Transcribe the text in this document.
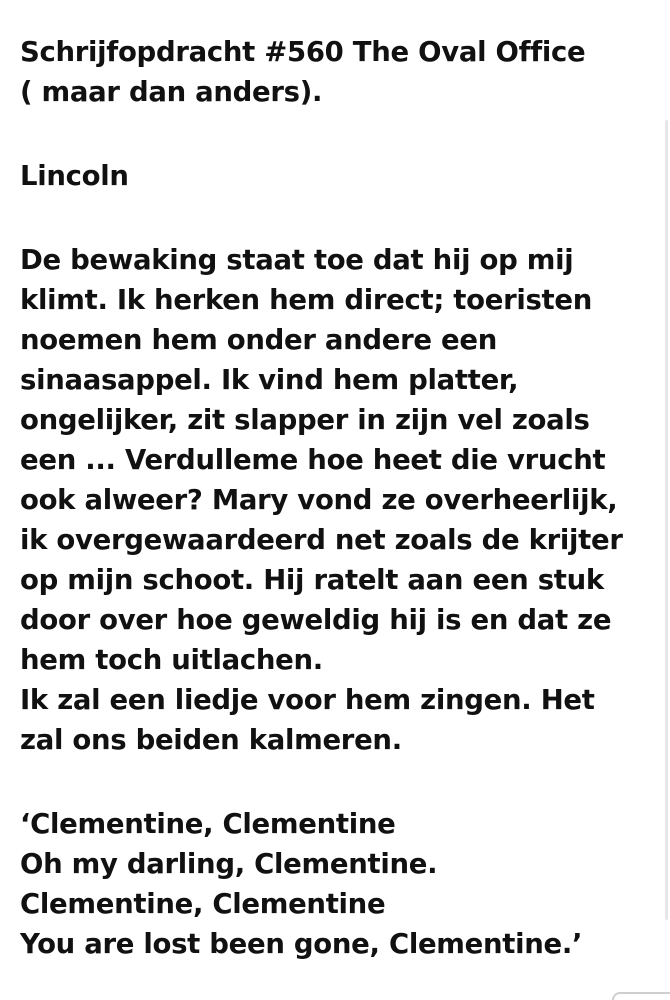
Schrijfopdracht #560 The Oval Office
( maar dan anders).
Lincoln
De bewaking staat toe dat hij op mij
klimt. Ik herken hem direct; toeristen
noemen hem onder andere een
sinaasappel. Ik vind hem platter,
ongelijker, zit slapper in zijn vel zoals
een ... Verdulleme hoe heet die vrucht
ook alweer? Mary vond ze overheerlijk,
ik overgewaardeerd net zoals de krijter
op mijn schoot. Hij ratelt aan een stuk
door over hoe geweldig hij is en dat ze
hem toch uitlachen.
Ik zal een liedje voor hem zingen. Het
zal ons beiden kalmeren.
‘Clementine, Clementine
Oh my darling, Clementine.
Clementine, Clementine
You are lost been gone, Clementine.’
